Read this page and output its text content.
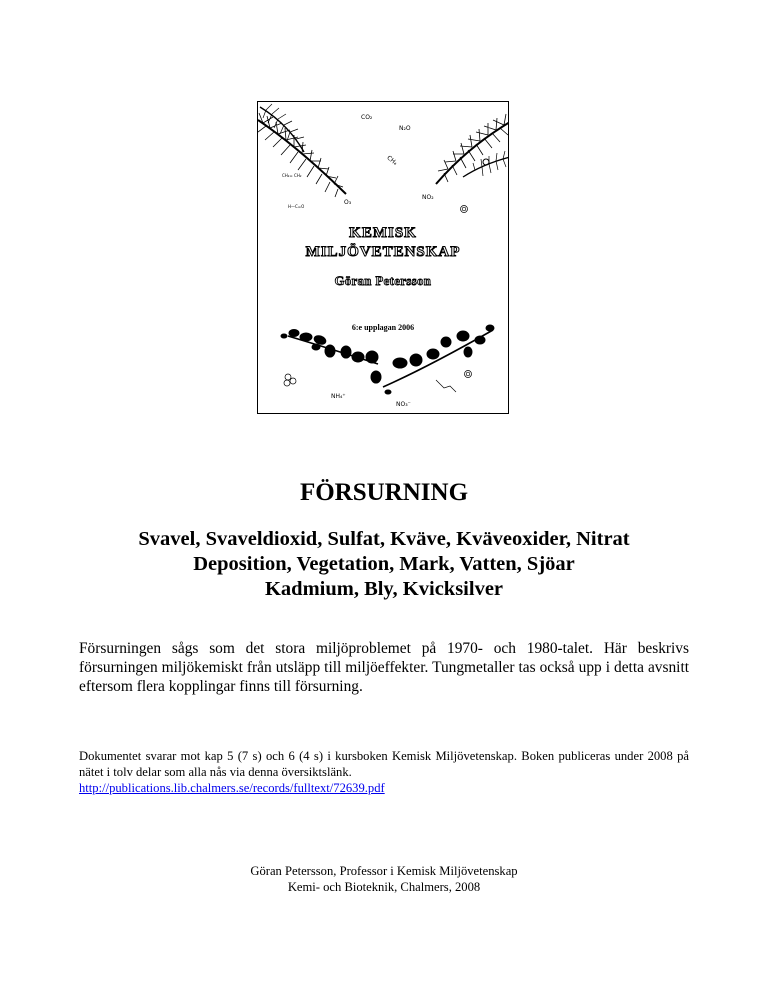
CO₂
N₂O
CH₄
CH₂= CH₂
NO₂
O₃
H—C=O
KEMISK
MILJÖVETENSKAP
Göran Petersson
6:e upplagan 2006
NH₄⁺
NO₃⁻
FÖRSURNING
Svavel, Svaveldioxid, Sulfat, Kväve, Kväveoxider, Nitrat
Deposition, Vegetation, Mark, Vatten, Sjöar
Kadmium, Bly, Kvicksilver

Försurningen sågs som det stora miljöproblemet på 1970- och 1980-talet. Här beskrivs försurningen miljökemiskt från utsläpp till miljöeffekter. Tungmetaller tas också upp i detta avsnitt eftersom flera kopplingar finns till försurning.

Dokumentet svarar mot kap 5 (7 s) och 6 (4 s) i kursboken Kemisk Miljövetenskap. Boken publiceras under 2008 på nätet i tolv delar som alla nås via denna översiktslänk.
http://publications.lib.chalmers.se/records/fulltext/72639.pdf
Göran Petersson, Professor i Kemisk Miljövetenskap
Kemi- och Bioteknik, Chalmers, 2008
